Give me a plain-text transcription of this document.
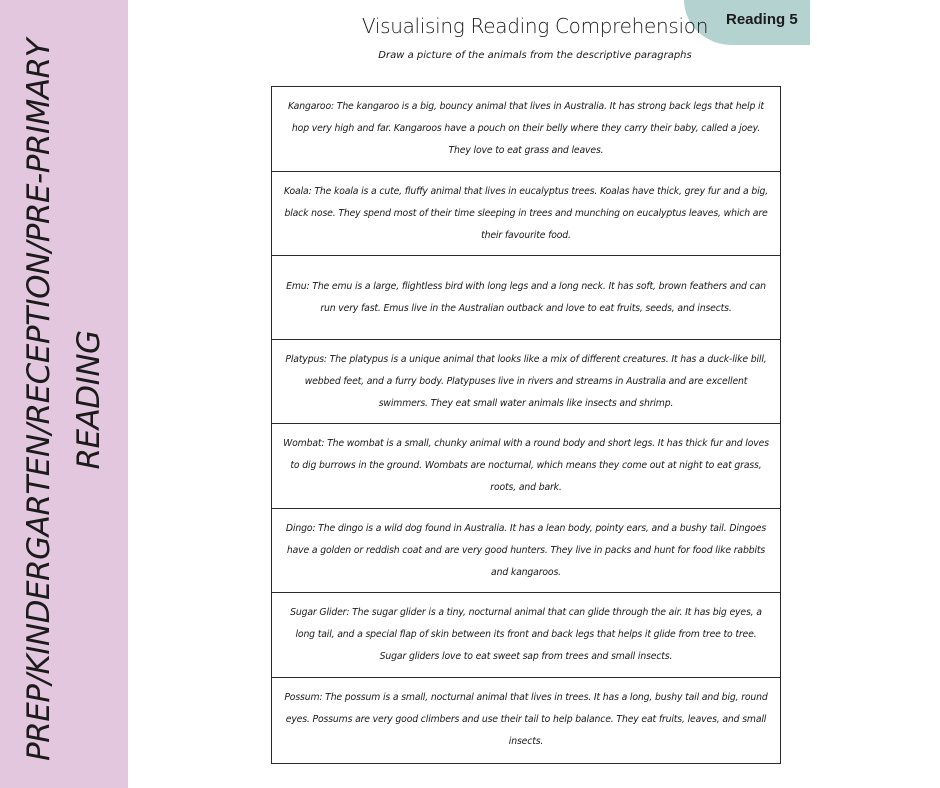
PREP/KINDERGARTEN/RECEPTION/PRE-PRIMARY READING
Reading 5
Visualising Reading Comprehension
Draw a picture of the animals from the descriptive paragraphs

Kangaroo: The kangaroo is a big, bouncy animal that lives in Australia. It has strong back legs that help it hop very high and far. Kangaroos have a pouch on their belly where they carry their baby, called a joey. They love to eat grass and leaves.

Koala: The koala is a cute, fluffy animal that lives in eucalyptus trees. Koalas have thick, grey fur and a big, black nose. They spend most of their time sleeping in trees and munching on eucalyptus leaves, which are their favourite food.

Emu: The emu is a large, flightless bird with long legs and a long neck. It has soft, brown feathers and can run very fast. Emus live in the Australian outback and love to eat fruits, seeds, and insects.

Platypus: The platypus is a unique animal that looks like a mix of different creatures. It has a duck-like bill, webbed feet, and a furry body. Platypuses live in rivers and streams in Australia and are excellent swimmers. They eat small water animals like insects and shrimp.

Wombat: The wombat is a small, chunky animal with a round body and short legs. It has thick fur and loves to dig burrows in the ground. Wombats are nocturnal, which means they come out at night to eat grass, roots, and bark.

Dingo: The dingo is a wild dog found in Australia. It has a lean body, pointy ears, and a bushy tail. Dingoes have a golden or reddish coat and are very good hunters. They live in packs and hunt for food like rabbits and kangaroos.

Sugar Glider: The sugar glider is a tiny, nocturnal animal that can glide through the air. It has big eyes, a long tail, and a special flap of skin between its front and back legs that helps it glide from tree to tree. Sugar gliders love to eat sweet sap from trees and small insects.

Possum: The possum is a small, nocturnal animal that lives in trees. It has a long, bushy tail and big, round eyes. Possums are very good climbers and use their tail to help balance. They eat fruits, leaves, and small insects.
